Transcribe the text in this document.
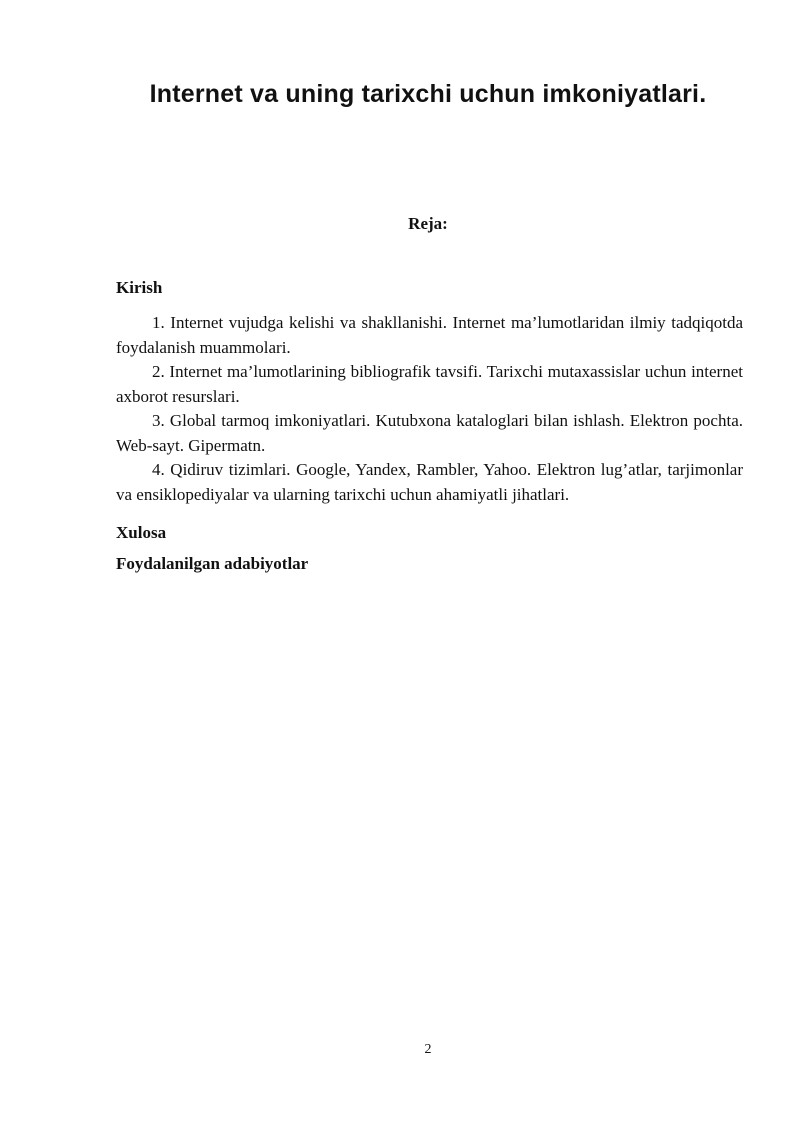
Internet va uning tarixchi uchun imkoniyatlari.
Reja:
Kirish
1. Internet vujudga kelishi va shakllanishi. Internet ma’lumotlaridan ilmiy tadqiqotda foydalanish muammolari.
2. Internet ma’lumotlarining bibliografik tavsifi. Tarixchi mutaxassislar uchun internet axborot resurslari.
3. Global tarmoq imkoniyatlari. Kutubxona kataloglari bilan ishlash. Elektron pochta. Web-sayt. Gipermatn.
4. Qidiruv tizimlari. Google, Yandex, Rambler, Yahoo. Elektron lug’atlar, tarjimonlar va ensiklopediyalar va ularning tarixchi uchun ahamiyatli jihatlari.
Xulosa
Foydalanilgan adabiyotlar
2
